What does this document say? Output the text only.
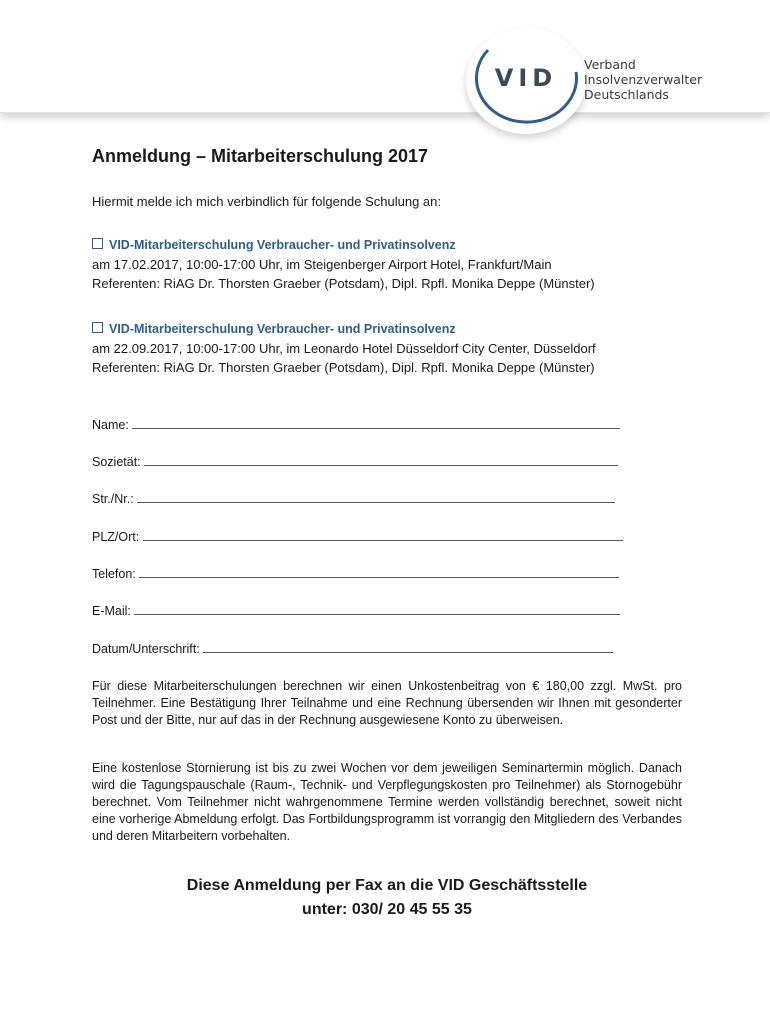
VID	Verband
Insolvenzverwalter
Deutschlands
Anmeldung – Mitarbeiterschulung 2017
Hiermit melde ich mich verbindlich für folgende Schulung an:
VID-Mitarbeiterschulung Verbraucher- und Privatinsolvenz
am 17.02.2017, 10:00-17:00 Uhr, im Steigenberger Airport Hotel, Frankfurt/Main
Referenten: RiAG Dr. Thorsten Graeber (Potsdam), Dipl. Rpfl. Monika Deppe (Münster)
VID-Mitarbeiterschulung Verbraucher- und Privatinsolvenz
am 22.09.2017, 10:00-17:00 Uhr, im Leonardo Hotel Düsseldorf City Center, Düsseldorf
Referenten: RiAG Dr. Thorsten Graeber (Potsdam), Dipl. Rpfl. Monika Deppe (Münster)
Name:
Sozietät:
Str./Nr.:
PLZ/Ort:
Telefon:
E-Mail:
Datum/Unterschrift:
Für diese Mitarbeiterschulungen berechnen wir einen Unkostenbeitrag von € 180,00 zzgl. MwSt. pro Teilnehmer. Eine Bestätigung Ihrer Teilnahme und eine Rechnung übersenden wir Ihnen mit gesonderter Post und der Bitte, nur auf das in der Rechnung ausgewiesene Konto zu überweisen.
Eine kostenlose Stornierung ist bis zu zwei Wochen vor dem jeweiligen Seminartermin möglich. Danach wird die Tagungspauschale (Raum-, Technik- und Verpflegungskosten pro Teilnehmer) als Stornogebühr berechnet. Vom Teilnehmer nicht wahrgenommene Termine werden vollständig berechnet, soweit nicht eine vorherige Abmeldung erfolgt. Das Fortbildungsprogramm ist vorrangig den Mitgliedern des Verbandes und deren Mitarbeitern vorbehalten.
Diese Anmeldung per Fax an die VID Geschäftsstelle
unter: 030/ 20 45 55 35
